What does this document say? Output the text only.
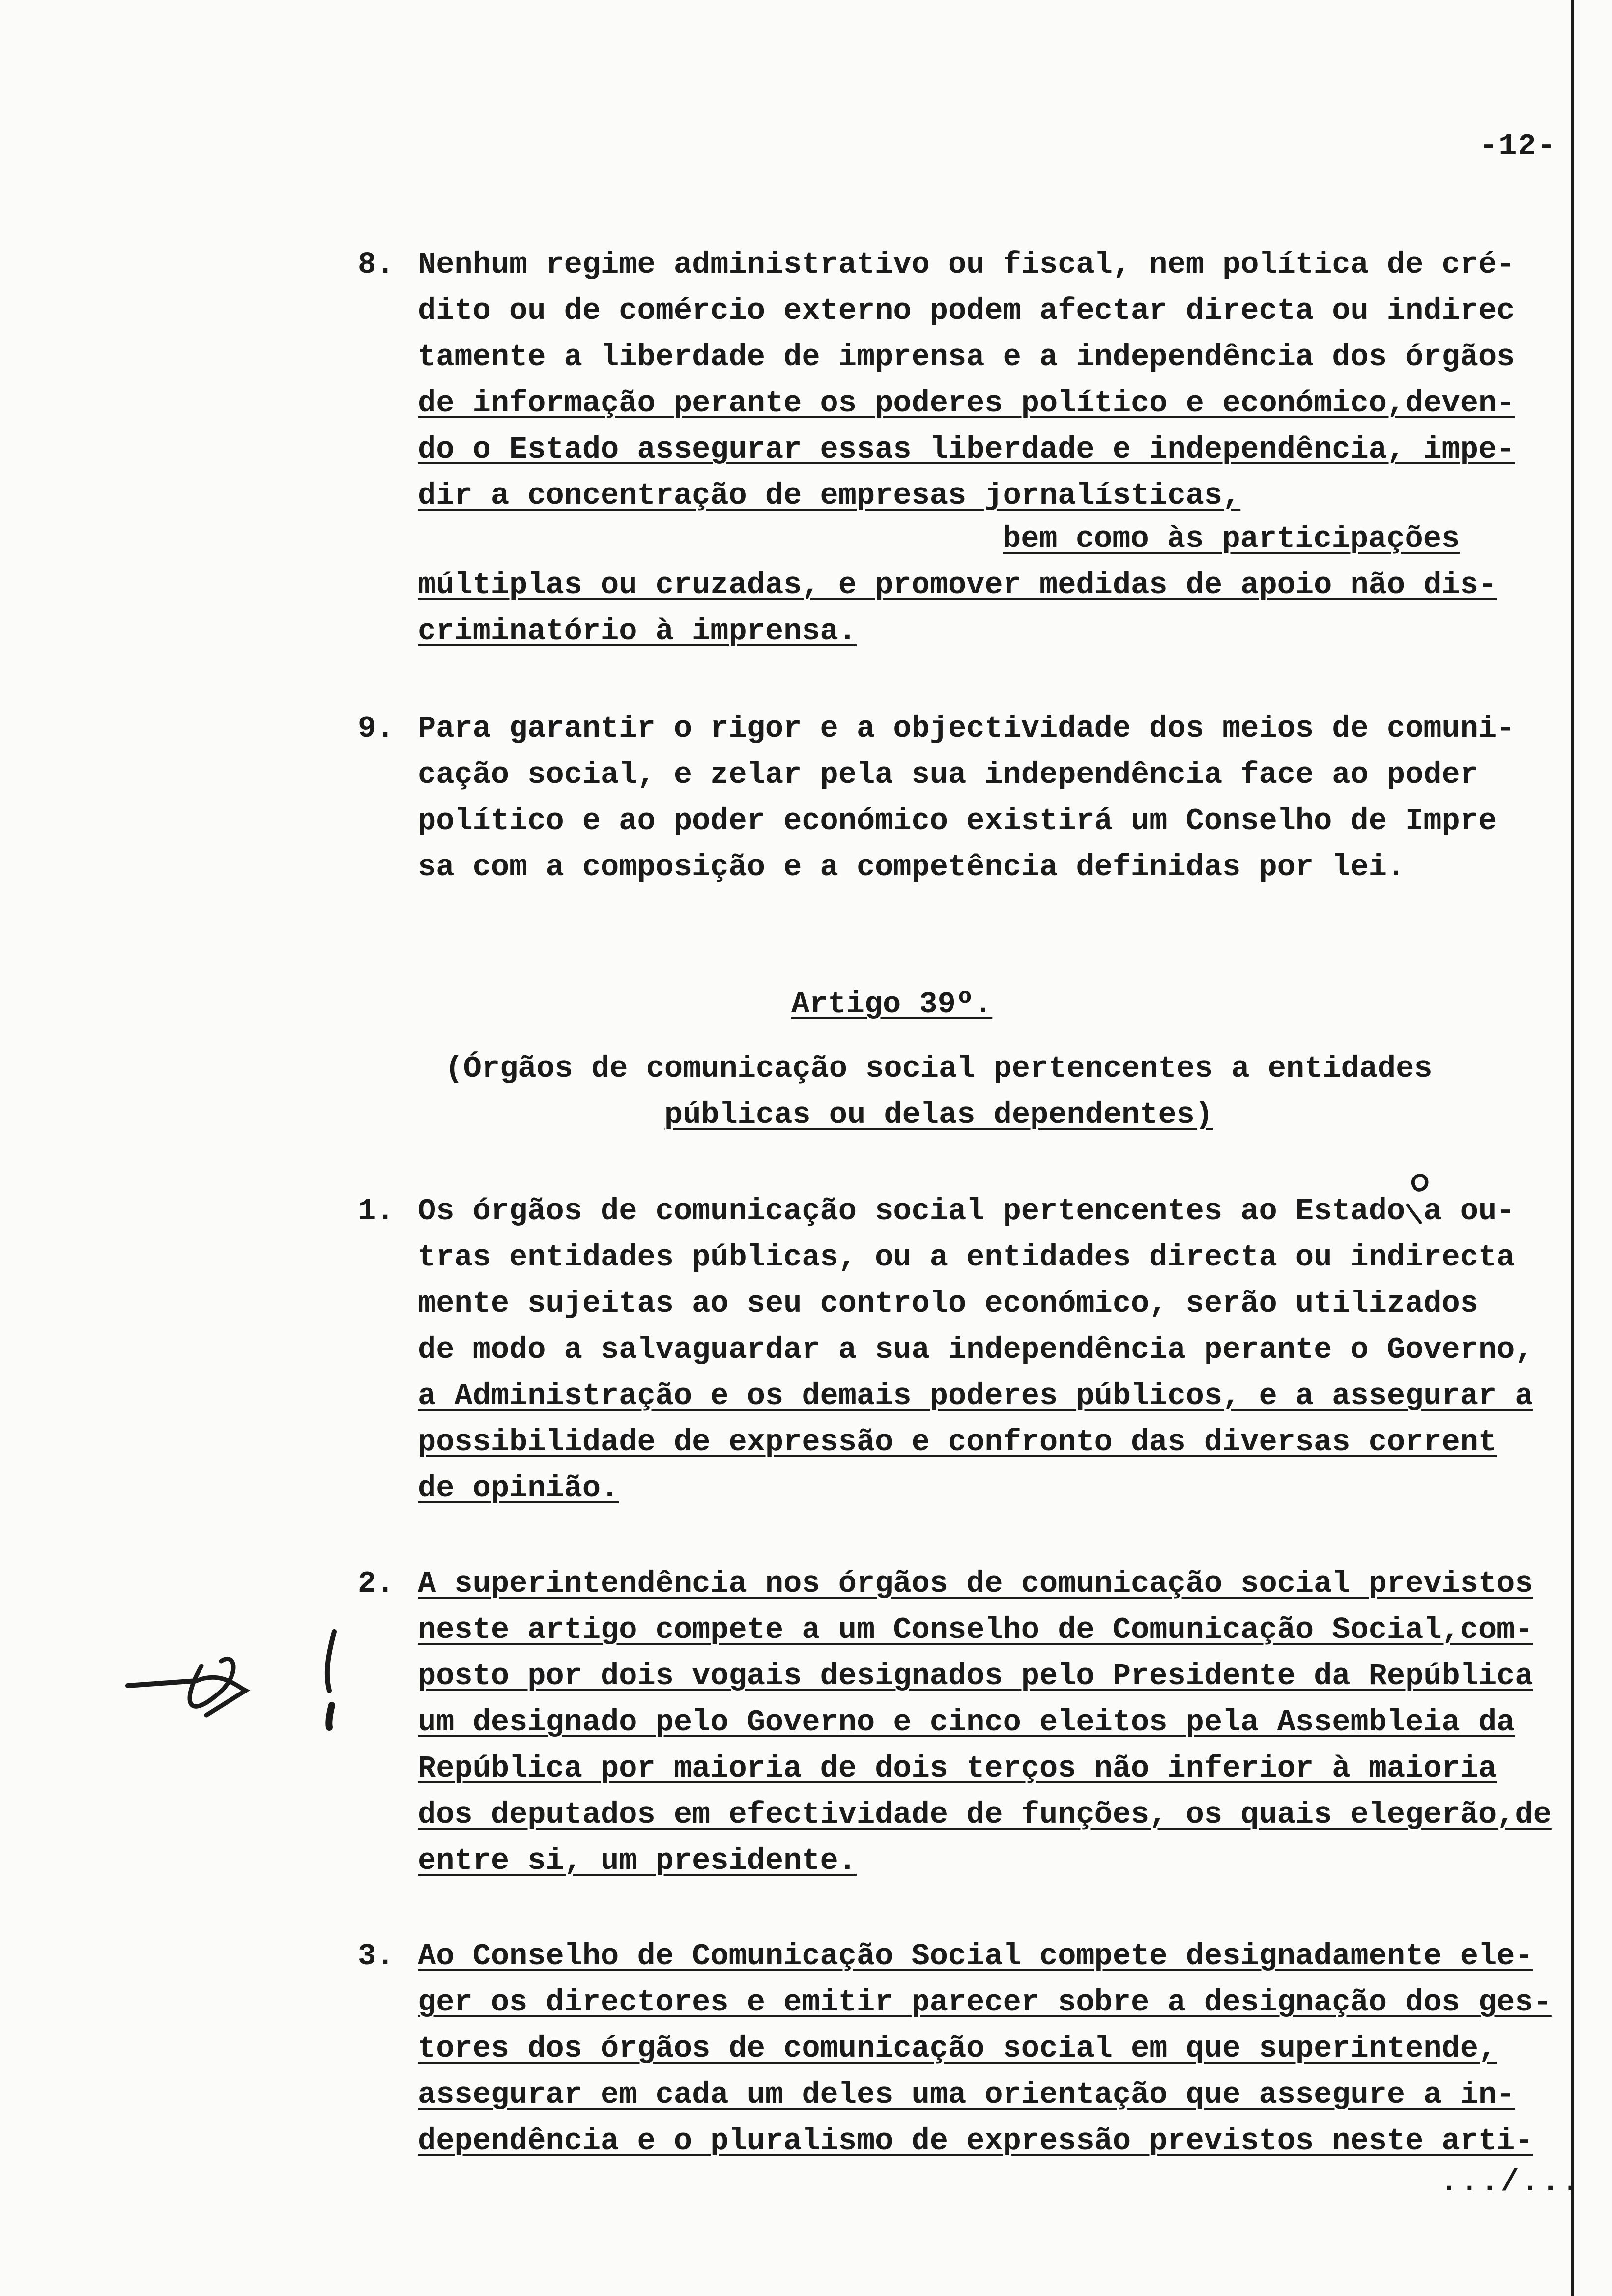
-12-
8. Nenhum regime administrativo ou fiscal, nem política de cré-
dito ou de comércio externo podem afectar directa ou indirec
tamente a liberdade de imprensa e a independência dos órgãos
de informação perante os poderes político e económico,deven-
do o Estado assegurar essas liberdade e independência, impe-
dir a concentração de empresas jornalísticas,
bem como às participações
múltiplas ou cruzadas, e promover medidas de apoio não dis-
criminatório à imprensa.
9. Para garantir o rigor e a objectividade dos meios de comuni-
cação social, e zelar pela sua independência face ao poder
político e ao poder económico existirá um Conselho de Impre
sa com a composição e a competência definidas por lei.
Artigo 39º.
(Órgãos de comunicação social pertencentes a entidades
públicas ou delas dependentes)
1. Os órgãos de comunicação social pertencentes ao Estado a ou-
tras entidades públicas, ou a entidades directa ou indirecta
mente sujeitas ao seu controlo económico, serão utilizados
de modo a salvaguardar a sua independência perante o Governo,
a Administração e os demais poderes públicos, e a assegurar a
possibilidade de expressão e confronto das diversas corrent
de opinião.
2. A superintendência nos órgãos de comunicação social previstos
neste artigo compete a um Conselho de Comunicação Social,com-
posto por dois vogais designados pelo Presidente da República
um designado pelo Governo e cinco eleitos pela Assembleia da
República por maioria de dois terços não inferior à maioria
dos deputados em efectividade de funções, os quais elegerão,de
entre si, um presidente.
3. Ao Conselho de Comunicação Social compete designadamente ele-
ger os directores e emitir parecer sobre a designação dos ges-
tores dos órgãos de comunicação social em que superintende,
assegurar em cada um deles uma orientação que assegure a in-
dependência e o pluralismo de expressão previstos neste arti-
.../...
